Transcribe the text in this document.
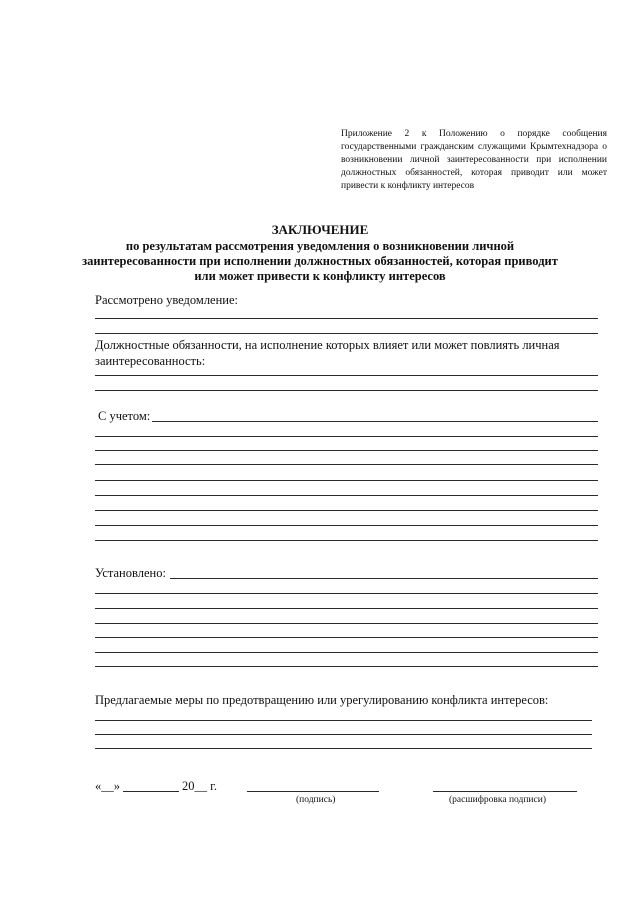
Приложение 2 к Положению о порядке сообщения государственными гражданским служащими Крымтехнадзора о возникновении личной заинтересованности при исполнении должностных обязанностей, которая приводит или может привести к конфликту интересов
ЗАКЛЮЧЕНИЕ
по результатам рассмотрения уведомления о возникновении личной заинтересованности при исполнении должностных обязанностей, которая приводит или может привести к конфликту интересов
Рассмотрено уведомление:
Должностные обязанности, на исполнение которых влияет или может повлиять личная заинтересованность:
С учетом:
Установлено:
Предлагаемые меры по предотвращению или урегулированию конфликта интересов:
«__»	20__ г.
(подпись)	(расшифровка подписи)
